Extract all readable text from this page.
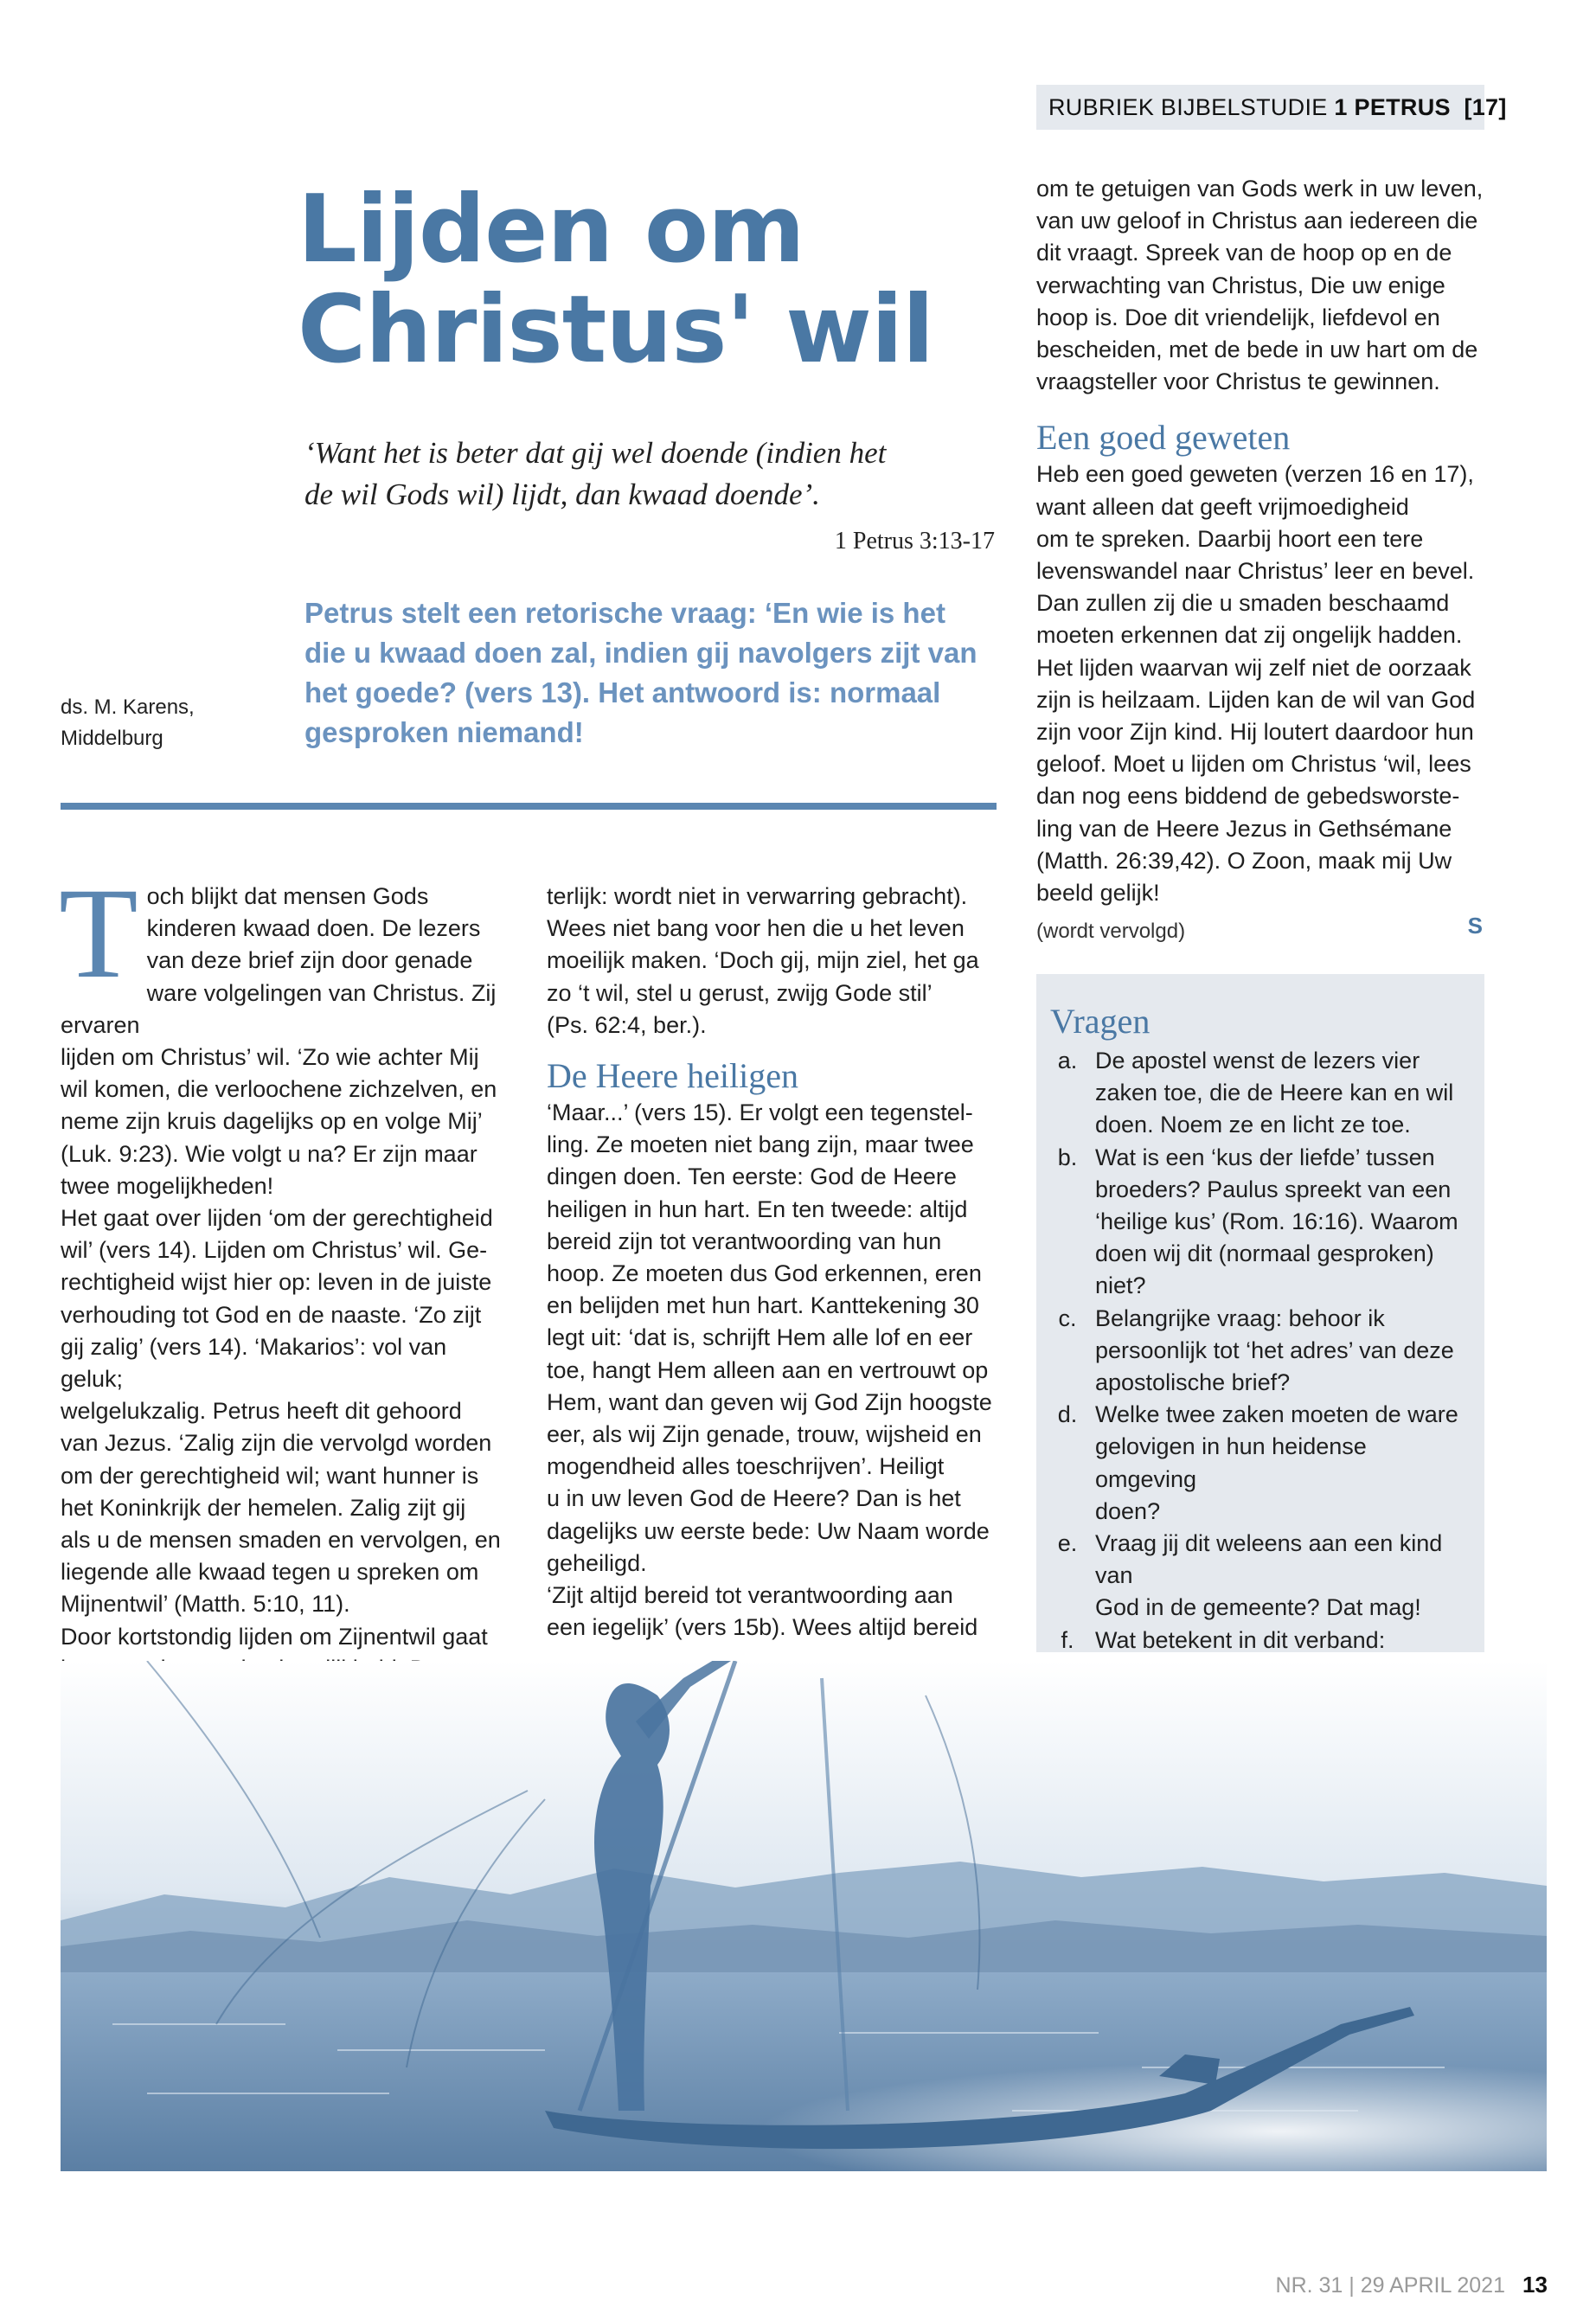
RUBRIEK BIJBELSTUDIE 1 PETRUS [17]
Lijden om
Christus' wil
‘Want het is beter dat gij wel doende (indien het
de wil Gods wil) lijdt, dan kwaad doende’.
1 Petrus 3:13-17
Petrus stelt een retorische vraag: ‘En wie is het
die u kwaad doen zal, indien gij navolgers zijt van
het goede? (vers 13). Het antwoord is: normaal
gesproken niemand!
ds. M. Karens,
Middelburg
T och blijkt dat mensen Gods

kinderen kwaad doen. De lezers

van deze brief zijn door genade

ware volgelingen van Christus. Zij ervaren

lijden om Christus’ wil. ‘Zo wie achter Mij

wil komen, die verloochene zichzelven, en

neme zijn kruis dagelijks op en volge Mij’

(Luk. 9:23). Wie volgt u na? Er zijn maar

twee mogelijkheden!

Het gaat over lijden ‘om der gerechtigheid

wil’ (vers 14). Lijden om Christus’ wil. Ge-

rechtigheid wijst hier op: leven in de juiste

verhouding tot God en de naaste. ‘Zo zijt

gij zalig’ (vers 14). ‘Makarios’: vol van geluk;

welgelukzalig. Petrus heeft dit gehoord

van Jezus. ‘Zalig zijn die vervolgd worden

om der gerechtigheid wil; want hunner is

het Koninkrijk der hemelen. Zalig zijt gij

als u de mensen smaden en vervolgen, en

liegende alle kwaad tegen u spreken om

Mijnentwil’ (Matth. 5:10, 11).

Door kortstondig lijden om Zijnentwil gaat

terlijk: wordt niet in verwarring gebracht).

Wees niet bang voor hen die u het leven

moeilijk maken. ‘Doch gij, mijn ziel, het ga

zo ‘t wil, stel u gerust, zwijg Gode stil’

(Ps. 62:4, ber.).

De Heere heiligen

‘Maar...’ (vers 15). Er volgt een tegenstel-

ling. Ze moeten niet bang zijn, maar twee

dingen doen. Ten eerste: God de Heere

heiligen in hun hart. En ten tweede: altijd

bereid zijn tot verantwoording van hun

hoop. Ze moeten dus God erkennen, eren

en belijden met hun hart. Kanttekening 30

legt uit: ‘dat is, schrijft Hem alle lof en eer

toe, hangt Hem alleen aan en vertrouwt op

Hem, want dan geven wij God Zijn hoogste

eer, als wij Zijn genade, trouw, wijsheid en

mogendheid alles toeschrijven’. Heiligt

u in uw leven God de Heere? Dan is het

dagelijks uw eerste bede: Uw Naam worde

geheiligd.

‘Zijt altijd bereid tot verantwoording aan

een iegelijk’ (vers 15b). Wees altijd bereid

om te getuigen van Gods werk in uw leven,

van uw geloof in Christus aan iedereen die

dit vraagt. Spreek van de hoop op en de

verwachting van Christus, Die uw enige

hoop is. Doe dit vriendelijk, liefdevol en

bescheiden, met de bede in uw hart om de

vraagsteller voor Christus te gewinnen.

Een goed geweten

Heb een goed geweten (verzen 16 en 17),

want alleen dat geeft vrijmoedigheid

om te spreken. Daarbij hoort een tere

levenswandel naar Christus’ leer en bevel.

Dan zullen zij die u smaden beschaamd

moeten erkennen dat zij ongelijk hadden.

Het lijden waarvan wij zelf niet de oorzaak

zijn is heilzaam. Lijden kan de wil van God

zijn voor Zijn kind. Hij loutert daardoor hun

geloof. Moet u lijden om Christus ‘wil, lees

dan nog eens biddend de gebedsworste-

ling van de Heere Jezus in Gethsémane

(Matth. 26:39,42). O Zoon, maak mij Uw

beeld gelijk!

(wordt vervolgd)	S
Vragen
a. De apostel wenst de lezers vier
zaken toe, die de Heere kan en wil
doen. Noem ze en licht ze toe.
b. Wat is een ‘kus der liefde’ tussen
broeders? Paulus spreekt van een
‘heilige kus’ (Rom. 16:16). Waarom
doen wij dit (normaal gesproken)
niet?
c. Belangrijke vraag: behoor ik
persoonlijk tot ‘het adres’ van deze
apostolische brief?
d. Welke twee zaken moeten de ware
gelovigen in hun heidense omgeving
doen?
e. Vraag jij dit weleens aan een kind van
God in de gemeente? Dat mag!
f. Wat betekent in dit verband:
NR. 31 | 29 APRIL 2021 13
